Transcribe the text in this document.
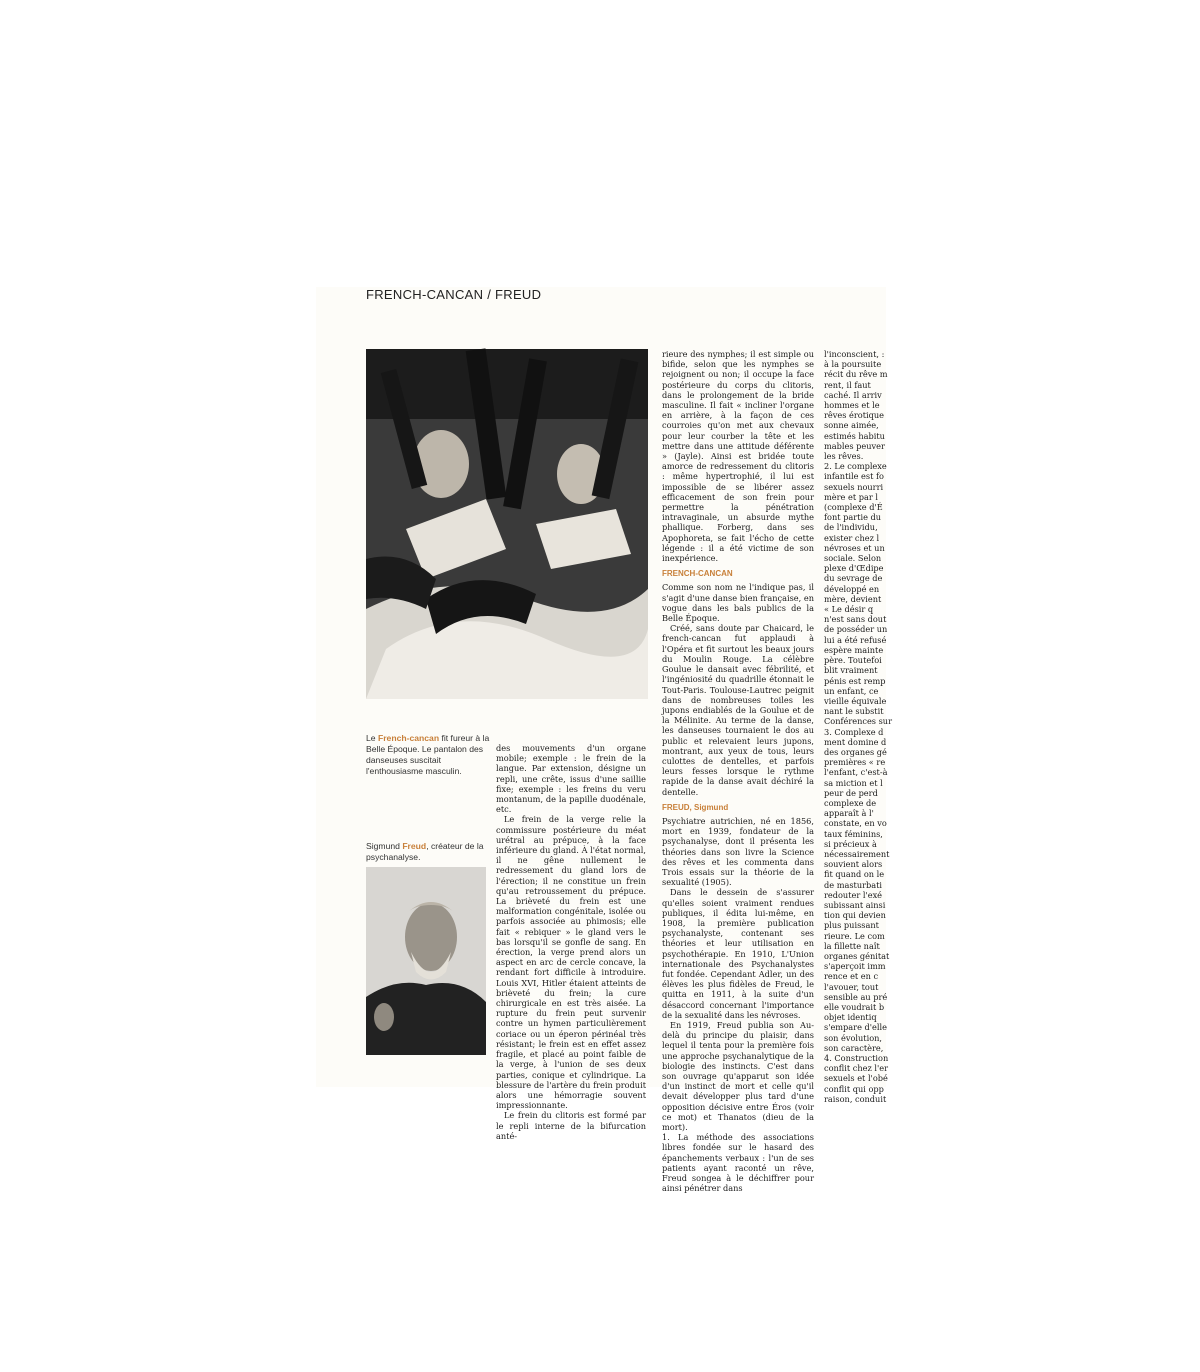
FRENCH-CANCAN / FREUD
Le French-cancan fit fureur à la Belle Époque. Le pantalon des danseuses suscitait l'enthousiasme masculin.
Sigmund Freud, créateur de la psychanalyse.

des mouvements d'un organe mobile; exemple : le frein de la langue. Par extension, désigne un repli, une crête, issus d'une saillie fixe; exemple : les freins du veru montanum, de la papille duodénale, etc.

Le frein de la verge relie la commissure postérieure du méat urétral au prépuce, à la face inférieure du gland. À l'état normal, il ne gêne nullement le redressement du gland lors de l'érection; il ne constitue un frein qu'au retroussement du prépuce. La brièveté du frein est une malformation congénitale, isolée ou parfois associée au phimosis; elle fait « rebiquer » le gland vers le bas lorsqu'il se gonfle de sang. En érection, la verge prend alors un aspect en arc de cercle concave, la rendant fort difficile à introduire. Louis XVI, Hitler étaient atteints de brièveté du frein; la cure chirurgicale en est très aisée. La rupture du frein peut survenir contre un hymen particulièrement coriace ou un éperon périnéal très résistant; le frein est en effet assez fragile, et placé au point faible de la verge, à l'union de ses deux parties, conique et cylindrique. La blessure de l'artère du frein produit alors une hémorragie souvent impressionnante.

Le frein du clitoris est formé par le repli interne de la bifurcation anté-

rieure des nymphes; il est simple ou bifide, selon que les nymphes se rejoignent ou non; il occupe la face postérieure du corps du clitoris, dans le prolongement de la bride masculine. Il fait « incliner l'organe en arrière, à la façon de ces courroies qu'on met aux chevaux pour leur courber la tête et les mettre dans une attitude déférente » (Jayle). Ainsi est bridée toute amorce de redressement du clitoris : même hypertrophié, il lui est impossible de se libérer assez efficacement de son frein pour permettre la pénétration intravaginale, un absurde mythe phallique. Forberg, dans ses Apophoreta, se fait l'écho de cette légende : il a été victime de son inexpérience.

FRENCH-CANCAN

Comme son nom ne l'indique pas, il s'agit d'une danse bien française, en vogue dans les bals publics de la Belle Époque.

Créé, sans doute par Chaicard, le french-cancan fut applaudi à l'Opéra et fit surtout les beaux jours du Moulin Rouge. La célèbre Goulue le dansait avec fébrilité, et l'ingéniosité du quadrille étonnait le Tout-Paris. Toulouse-Lautrec peignit dans de nombreuses toiles les jupons endiablés de la Goulue et de la Mélinite. Au terme de la danse, les danseuses tournaient le dos au public et relevaient leurs jupons, montrant, aux yeux de tous, leurs culottes de dentelles, et parfois leurs fesses lorsque le rythme rapide de la danse avait déchiré la dentelle.

FREUD, Sigmund

Psychiatre autrichien, né en 1856, mort en 1939, fondateur de la psychanalyse, dont il présenta les théories dans son livre la Science des rêves et les commenta dans Trois essais sur la théorie de la sexualité (1905).

Dans le dessein de s'assurer qu'elles soient vraiment rendues publiques, il édita lui-même, en 1908, la première publication psychanalyste, contenant ses théories et leur utilisation en psychothérapie. En 1910, L'Union internationale des Psychanalystes fut fondée. Cependant Adler, un des élèves les plus fidèles de Freud, le quitta en 1911, à la suite d'un désaccord concernant l'importance de la sexualité dans les névroses.

En 1919, Freud publia son Au-delà du principe du plaisir, dans lequel il tenta pour la première fois une approche psychanalytique de la biologie des instincts. C'est dans son ouvrage qu'apparut son idée d'un instinct de mort et celle qu'il devait développer plus tard d'une opposition décisive entre Éros (voir ce mot) et Thanatos (dieu de la mort).

1. La méthode des associations libres fondée sur le hasard des épanchements verbaux : l'un de ses patients ayant raconté un rêve, Freud songea à le déchiffrer pour ainsi pénétrer dans

l'inconscient, :
à la poursuite
récit du rêve m
rent, il faut
caché. Il arriv
hommes et le
rêves érotique
sonne aimée,
estimés habitu
mables peuver
les rêves.
2. Le complexe
infantile est fo
sexuels nourri
mère et par l
(complexe d'É
font partie du
de l'individu,
exister chez l
névroses et un
sociale. Selon
plexe d'Œdipe
du sevrage de
développé en
mère, devient
« Le désir q
n'est sans dout
de posséder un
lui a été refusé
espère mainte
père. Toutefoi
blit vraiment
pénis est remp
un enfant, ce
vieille équivale
nant le substit
Conférences sur
3. Complexe d
ment domine d
des organes gé
premières « re
l'enfant, c'est-à
sa miction et l
peur de perd
complexe de
apparaît à l'
constate, en vo
taux féminins,
si précieux à
nécessairement
souvient alors
fit quand on le
de masturbati
redouter l'exé
subissant ainsi
tion qui devien
plus puissant
rieure. Le com
la fillette naît
organes génitat
s'aperçoit imm
rence et en c
l'avouer, tout
sensible au pré
elle voudrait b
objet identiq
s'empare d'elle
son évolution,
son caractère,
4. Construction
conflit chez l'er
sexuels et l'obé
conflit qui opp
raison, conduit
